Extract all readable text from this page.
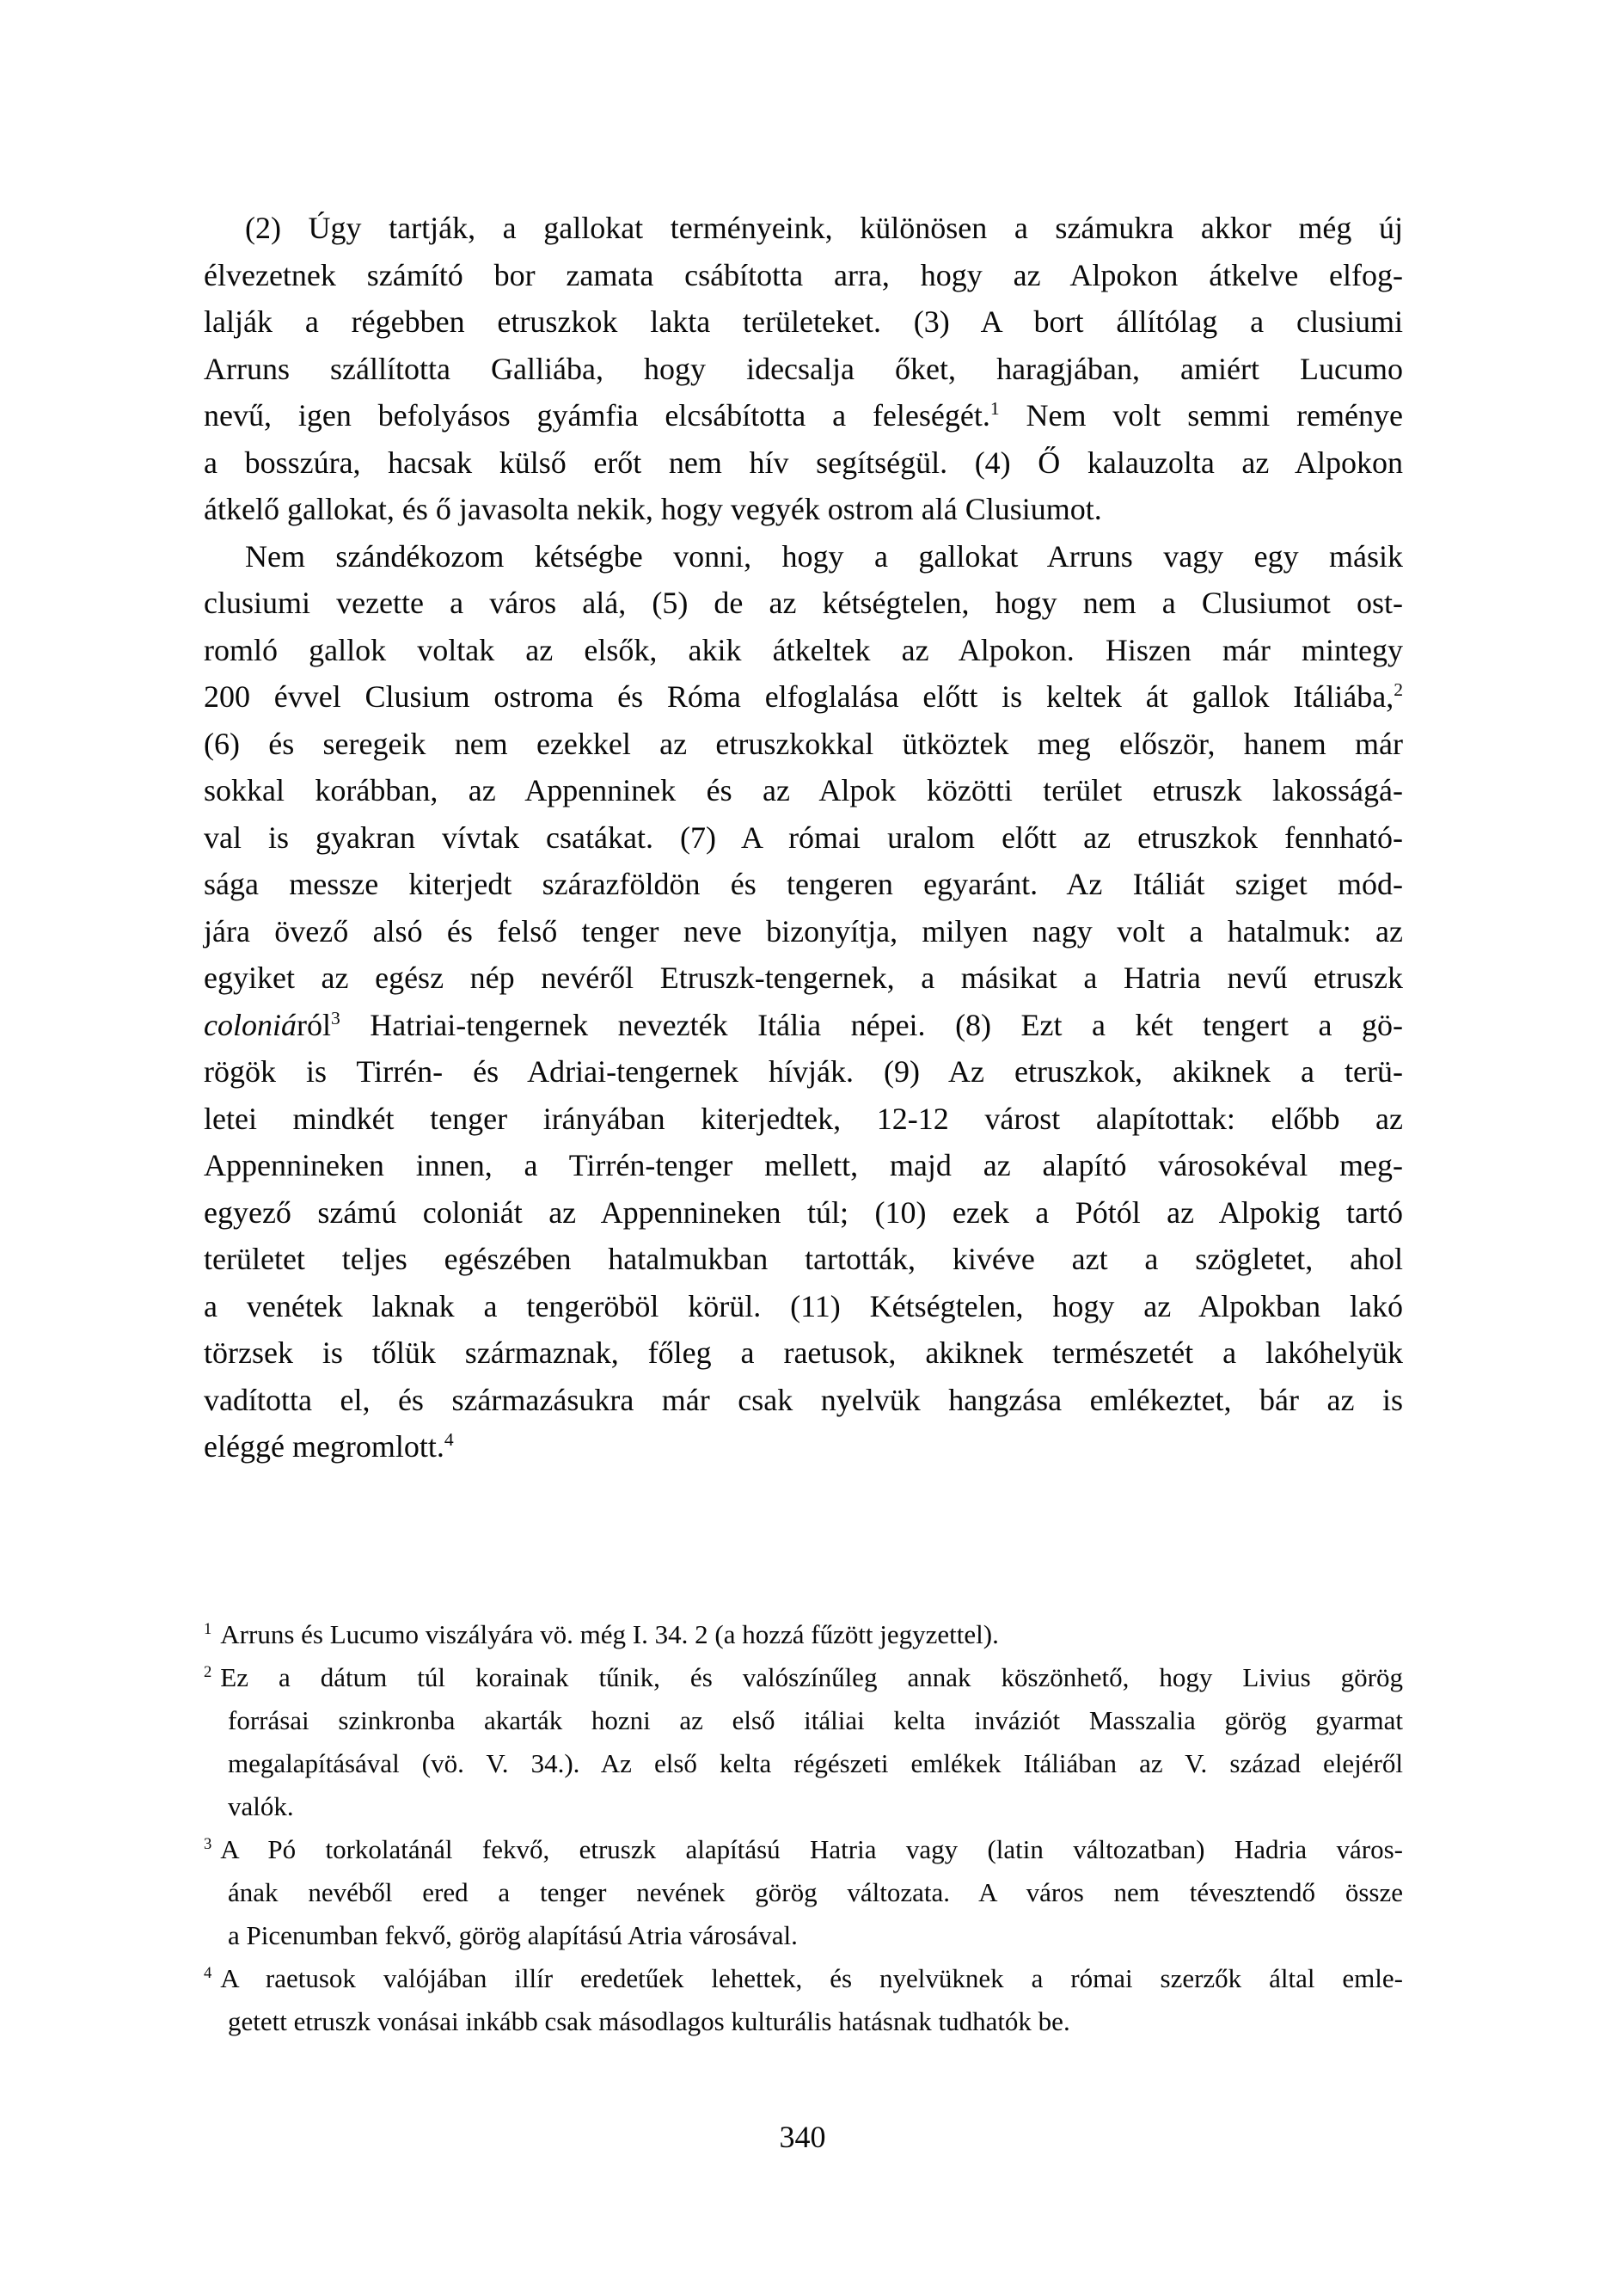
(2) Úgy tartják, a gallokat terményeink, különösen a számukra akkor még új
élvezetnek számító bor zamata csábította arra, hogy az Alpokon átkelve elfog-
lalják a régebben etruszkok lakta területeket. (3) A bort állítólag a clusiumi
Arruns szállította Galliába, hogy idecsalja őket, haragjában, amiért Lucumo
nevű, igen befolyásos gyámfia elcsábította a feleségét.$^1$ Nem volt semmi reménye
a bosszúra, hacsak külső erőt nem hív segítségül. (4) Ő kalauzolta az Alpokon
átkelő gallokat, és ő javasolta nekik, hogy vegyék ostrom alá Clusiumot.
Nem szándékozom kétségbe vonni, hogy a gallokat Arruns vagy egy másik
clusiumi vezette a város alá, (5) de az kétségtelen, hogy nem a Clusiumot ost-
romló gallok voltak az elsők, akik átkeltek az Alpokon. Hiszen már mintegy
200 évvel Clusium ostroma és Róma elfoglalása előtt is keltek át gallok Itáliába,$^2$
(6) és seregeik nem ezekkel az etruszkokkal ütköztek meg először, hanem már
sokkal korábban, az Appenninek és az Alpok közötti terület etruszk lakosságá-
val is gyakran vívtak csatákat. (7) A római uralom előtt az etruszkok fennható-
sága messze kiterjedt szárazföldön és tengeren egyaránt. Az Itáliát sziget mód-
jára övező alsó és felső tenger neve bizonyítja, milyen nagy volt a hatalmuk: az
egyiket az egész nép nevéről Etruszk-tengernek, a másikat a Hatria nevű etruszk
coloniáról$^3$ Hatriai-tengernek nevezték Itália népei. (8) Ezt a két tengert a gö-
rögök is Tirrén- és Adriai-tengernek hívják. (9) Az etruszkok, akiknek a terü-
letei mindkét tenger irányában kiterjedtek, 12-12 várost alapítottak: előbb az
Appennineken innen, a Tirrén-tenger mellett, majd az alapító városokéval meg-
egyező számú coloniát az Appennineken túl; (10) ezek a Pótól az Alpokig tartó
területet teljes egészében hatalmukban tartották, kivéve azt a szögletet, ahol
a venétek laknak a tengeröböl körül. (11) Kétségtelen, hogy az Alpokban lakó
törzsek is tőlük származnak, főleg a raetusok, akiknek természetét a lakóhelyük
vadította el, és származásukra már csak nyelvük hangzása emlékeztet, bár az is
eléggé megromlott.$^4$
$^1$ Arruns és Lucumo viszályára vö. még I. 34. 2 (a hozzá fűzött jegyzettel).
$^2$ Ez a dátum túl korainak tűnik, és valószínűleg annak köszönhető, hogy Livius görög
forrásai szinkronba akarták hozni az első itáliai kelta inváziót Masszalia görög gyarmat
megalapításával (vö. V. 34.). Az első kelta régészeti emlékek Itáliában az V. század elejéről
valók.
$^3$ A Pó torkolatánál fekvő, etruszk alapítású Hatria vagy (latin változatban) Hadria város-
ának nevéből ered a tenger nevének görög változata. A város nem tévesztendő össze
a Picenumban fekvő, görög alapítású Atria városával.
$^4$ A raetusok valójában illír eredetűek lehettek, és nyelvüknek a római szerzők által emle-
getett etruszk vonásai inkább csak másodlagos kulturális hatásnak tudhatók be.
340
